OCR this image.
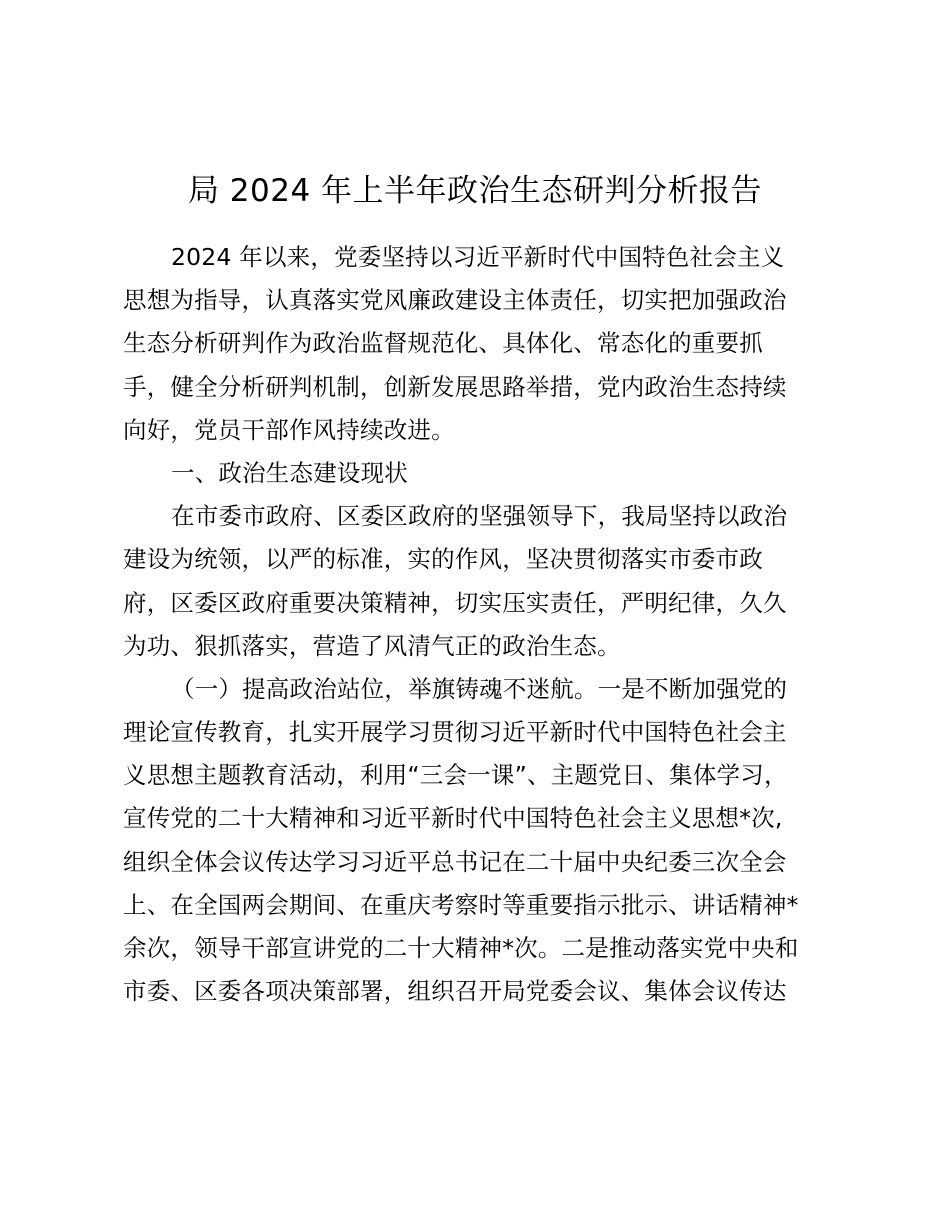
局 2024 年上半年政治生态研判分析报告
2024 年以来，党委坚持以习近平新时代中国特色社会主义
思想为指导，认真落实党风廉政建设主体责任，切实把加强政治
生态分析研判作为政治监督规范化、具体化、常态化的重要抓
手，健全分析研判机制，创新发展思路举措，党内政治生态持续
向好，党员干部作风持续改进。
一、政治生态建设现状
在市委市政府、区委区政府的坚强领导下，我局坚持以政治
建设为统领，以严的标准，实的作风，坚决贯彻落实市委市政
府，区委区政府重要决策精神，切实压实责任，严明纪律，久久
为功、狠抓落实，营造了风清气正的政治生态。
（一）提高政治站位，举旗铸魂不迷航。一是不断加强党的
理论宣传教育，扎实开展学习贯彻习近平新时代中国特色社会主
义思想主题教育活动，利用“三会一课”、主题党日、集体学习，
宣传党的二十大精神和习近平新时代中国特色社会主义思想*次,
组织全体会议传达学习习近平总书记在二十届中央纪委三次全会
上、在全国两会期间、在重庆考察时等重要指示批示、讲话精神*
余次，领导干部宣讲党的二十大精神*次。二是推动落实党中央和
市委、区委各项决策部署，组织召开局党委会议、集体会议传达
